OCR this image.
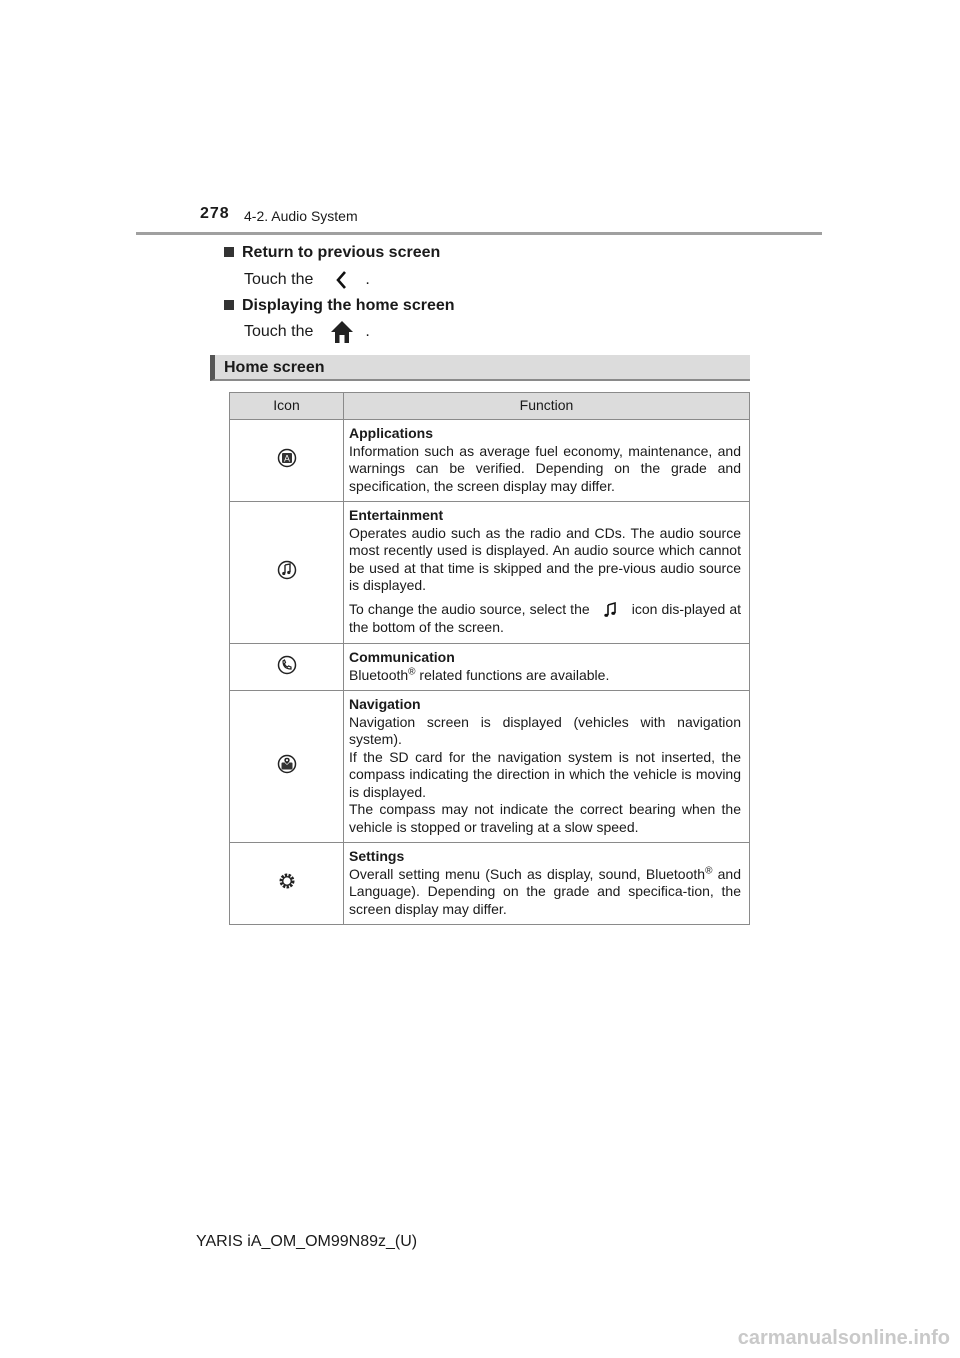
278 4-2. Audio System
Return to previous screen
Touch the	.
Displaying the home screen
Touch the	.
Home screen
Icon	Function

A	Applications
Information such as average fuel economy, maintenance, and warnings can be verified. Depending on the grade and specification, the screen display may differ.

Entertainment
Operates audio such as the radio and CDs. The audio source most recently used is displayed. An audio source which cannot be used at that time is skipped and the pre-vious audio source is displayed.
To change the audio source, select the icon dis-played at the bottom of the screen.

Communication
Bluetooth® related functions are available.

Navigation
Navigation screen is displayed (vehicles with navigation system).
If the SD card for the navigation system is not inserted, the compass indicating the direction in which the vehicle is moving is displayed.
The compass may not indicate the correct bearing when the vehicle is stopped or traveling at a slow speed.

Settings
Overall setting menu (Such as display, sound, Bluetooth® and Language). Depending on the grade and specifica-tion, the screen display may differ.
YARIS iA_OM_OM99N89z_(U)
carmanualsonline.info
